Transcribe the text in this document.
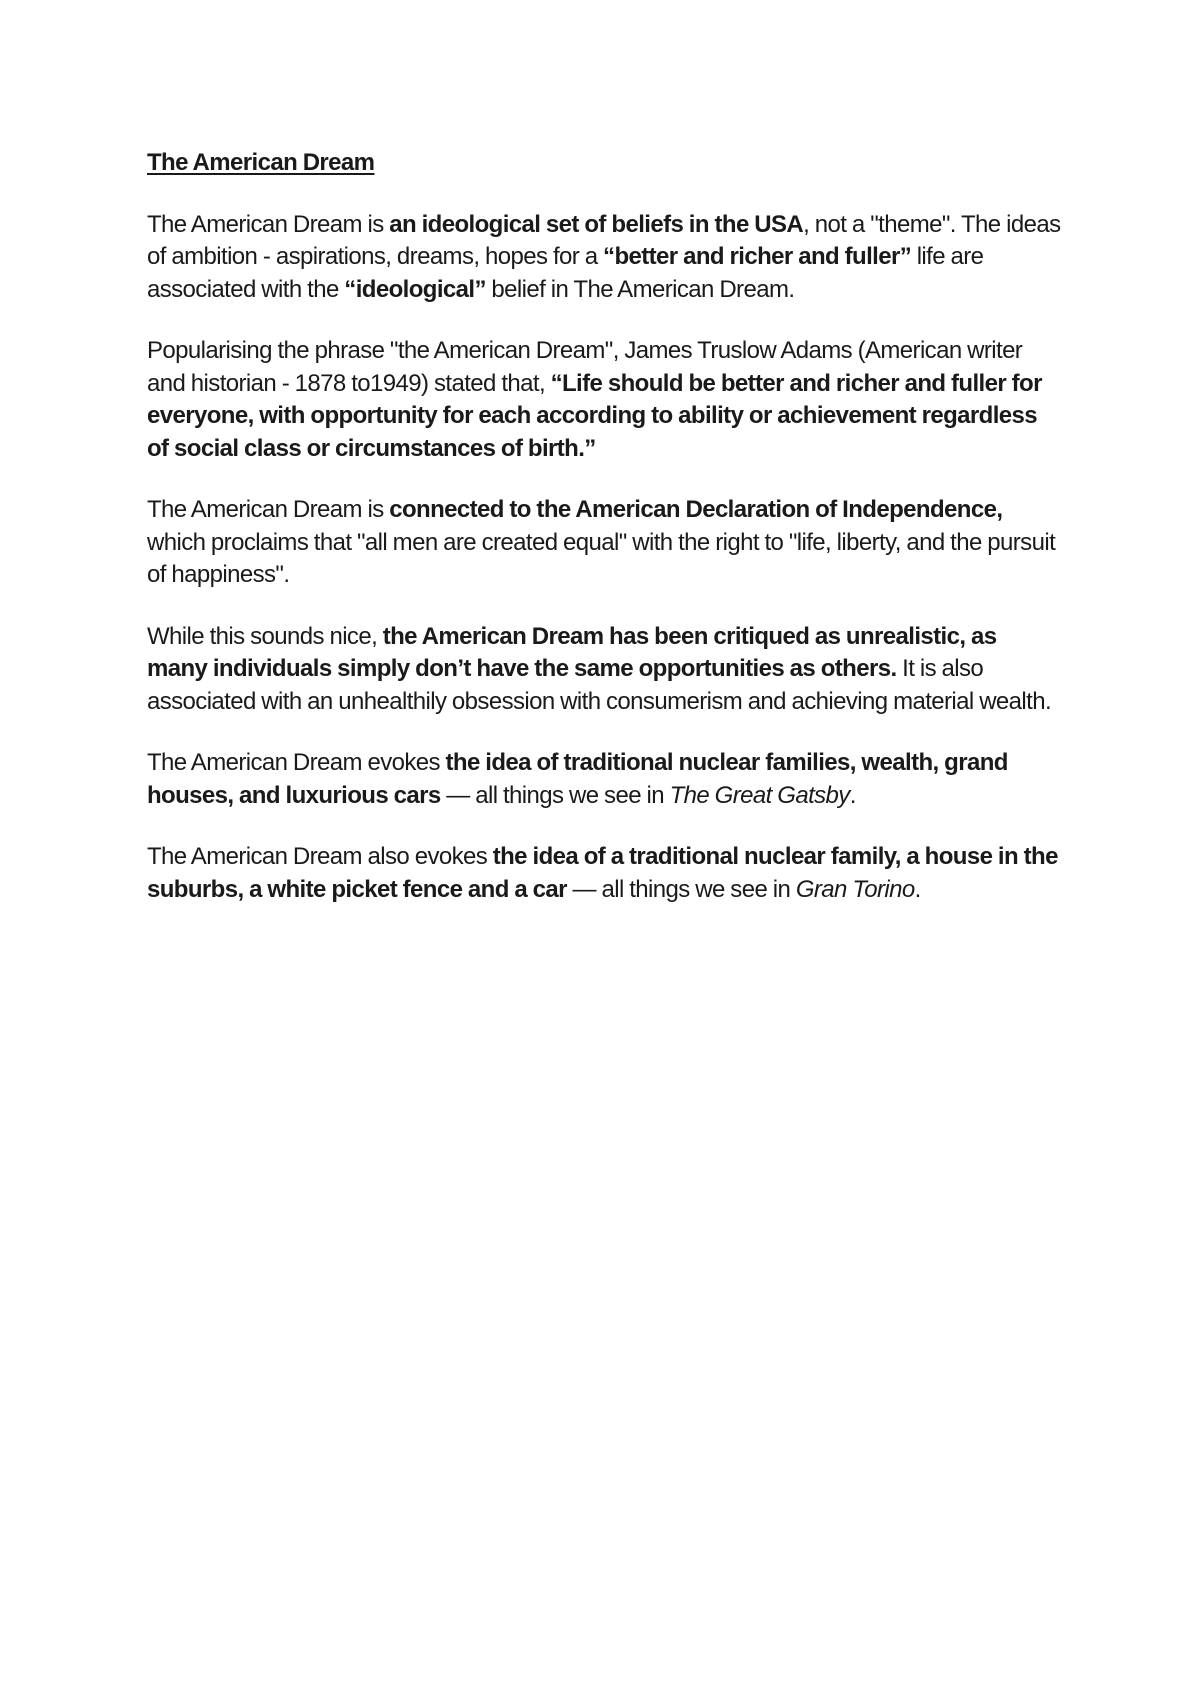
The American Dream

The American Dream is an ideological set of beliefs in the USA, not a "theme". The ideas of ambition - aspirations, dreams, hopes for a “better and richer and fuller” life are associated with the “ideological” belief in The American Dream.

Popularising the phrase "the American Dream", James Truslow Adams (American writer and historian - 1878 to1949) stated that, “Life should be better and richer and fuller for everyone, with opportunity for each according to ability or achievement regardless of social class or circumstances of birth.”

The American Dream is connected to the American Declaration of Independence, which proclaims that "all men are created equal" with the right to "life, liberty, and the pursuit of happiness".

While this sounds nice, the American Dream has been critiqued as unrealistic, as many individuals simply don’t have the same opportunities as others. It is also associated with an unhealthily obsession with consumerism and achieving material wealth.

The American Dream evokes the idea of traditional nuclear families, wealth, grand houses, and luxurious cars — all things we see in The Great Gatsby.

The American Dream also evokes the idea of a traditional nuclear family, a house in the suburbs, a white picket fence and a car — all things we see in Gran Torino.
